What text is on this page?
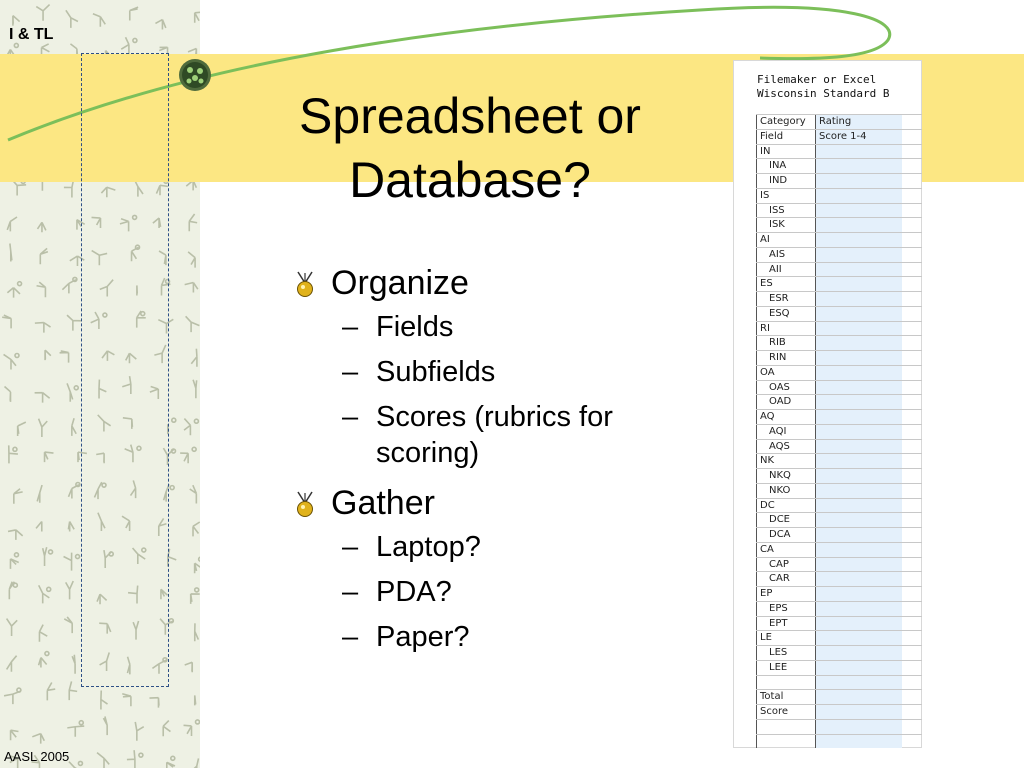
I & TL
AASL 2005
Spreadsheet or
Database?
Organize
– Fields
– Subfields
– Scores (rubrics for
scoring)
Gather
– Laptop?
– PDA?
– Paper?
Filemaker or Excel
Wisconsin Standard B
Category	Rating
Field	Score 1-4
IN
INA
IND
IS
ISS
ISK
AI
AIS
AII
ES
ESR
ESQ
RI
RIB
RIN
OA
OAS
OAD
AQ
AQI
AQS
NK
NKQ
NKO
DC
DCE
DCA
CA
CAP
CAR
EP
EPS
EPT
LE
LES
LEE
Total
Score
